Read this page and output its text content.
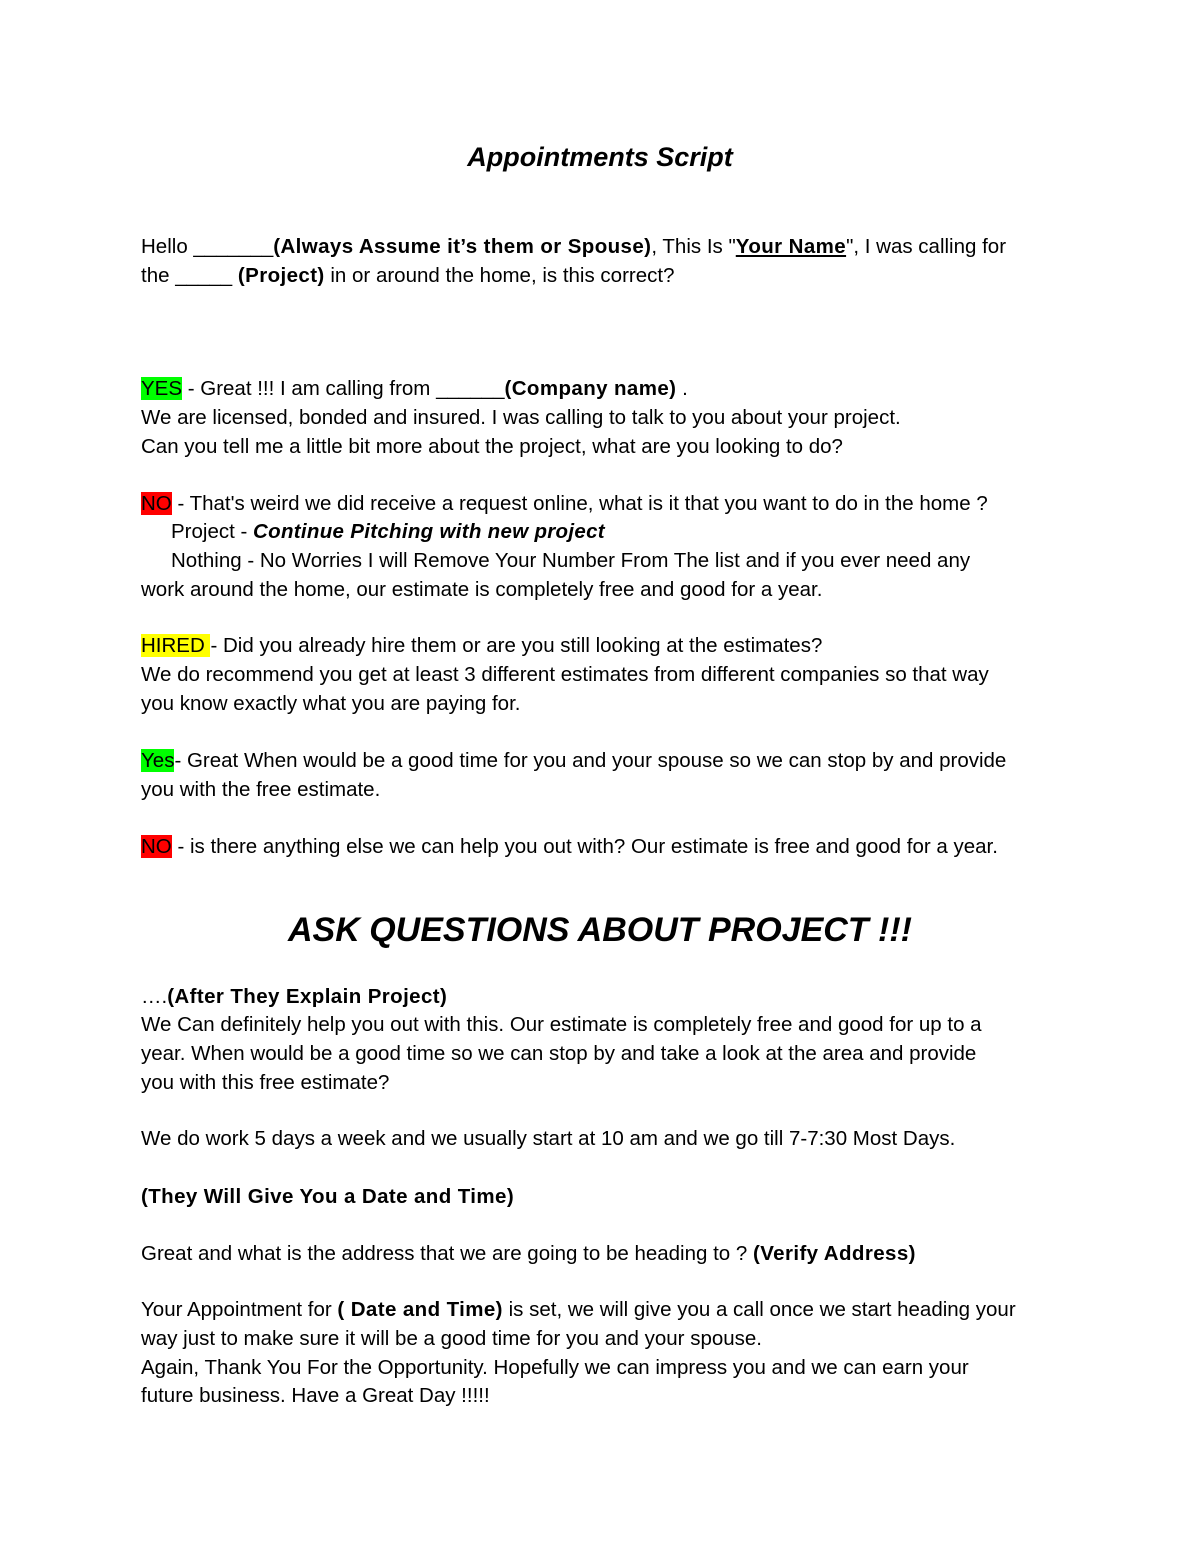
Appointments Script
Hello _______(Always Assume it’s them or Spouse), This Is "Your Name", I was calling for
the _____ (Project) in or around the home, is this correct?
YES - Great !!! I am calling from ______(Company name) .
We are licensed, bonded and insured. I was calling to talk to you about your project.
Can you tell me a little bit more about the project, what are you looking to do?
NO - That's weird we did receive a request online, what is it that you want to do in the home ?
Project - Continue Pitching with new project
Nothing - No Worries I will Remove Your Number From The list and if you ever need any
work around the home, our estimate is completely free and good for a year.
HIRED - Did you already hire them or are you still looking at the estimates?
We do recommend you get at least 3 different estimates from different companies so that way
you know exactly what you are paying for.
Yes- Great When would be a good time for you and your spouse so we can stop by and provide
you with the free estimate.
NO - is there anything else we can help you out with? Our estimate is free and good for a year.
ASK QUESTIONS ABOUT PROJECT !!!
….(After They Explain Project)
We Can definitely help you out with this. Our estimate is completely free and good for up to a
year. When would be a good time so we can stop by and take a look at the area and provide
you with this free estimate?
We do work 5 days a week and we usually start at 10 am and we go till 7-7:30 Most Days.
(They Will Give You a Date and Time)
Great and what is the address that we are going to be heading to ? (Verify Address)
Your Appointment for ( Date and Time) is set, we will give you a call once we start heading your
way just to make sure it will be a good time for you and your spouse.
Again, Thank You For the Opportunity. Hopefully we can impress you and we can earn your
future business. Have a Great Day !!!!!
